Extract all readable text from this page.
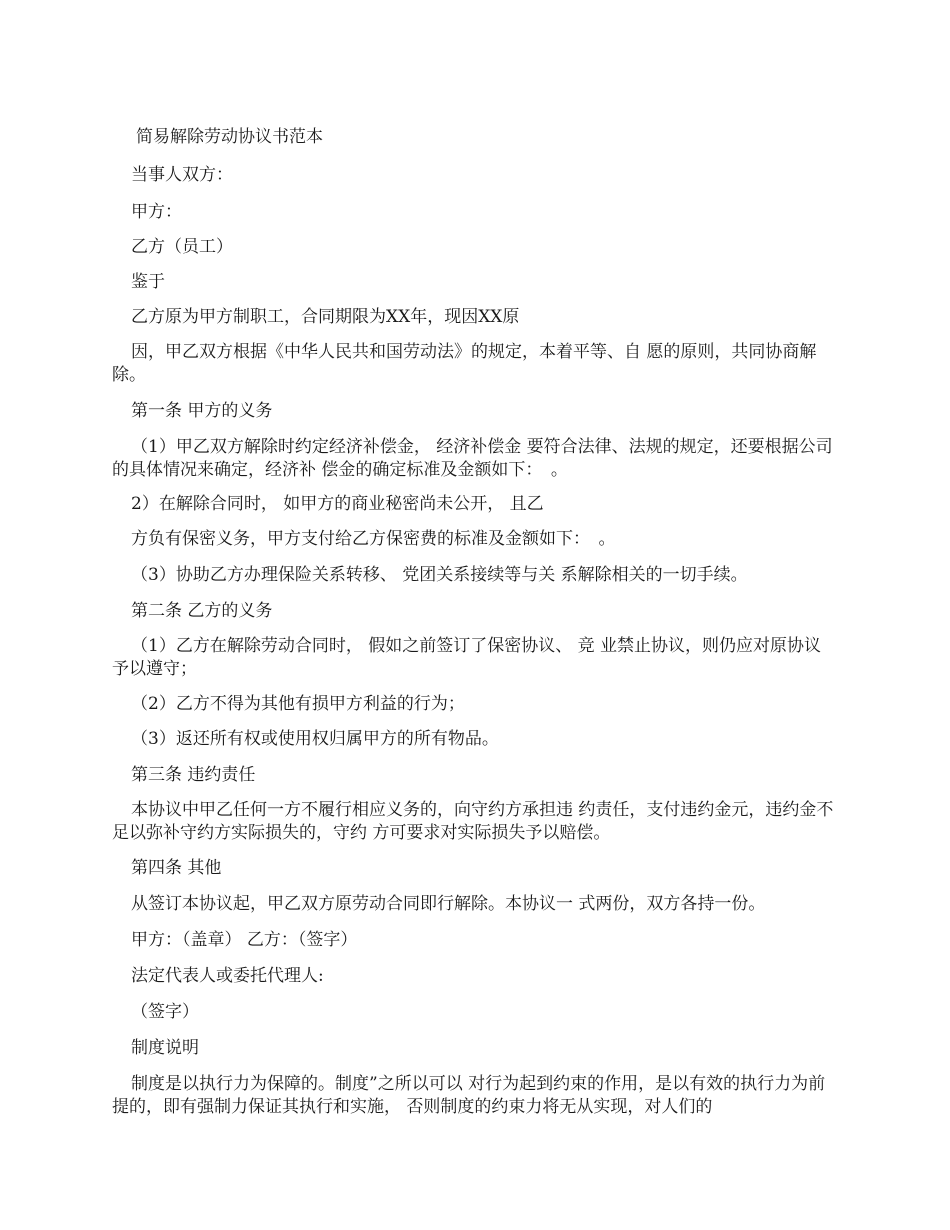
简易解除劳动协议书范本
当事人双方：
甲方：
乙方（员工）
鉴于
乙方原为甲方制职工，合同期限为XX年，现因XX原
因，甲乙双方根据《中华人民共和国劳动法》的规定，本着平等、自 愿的原则，共同协商解除。
第一条 甲方的义务
（1）甲乙双方解除时约定经济补偿金， 经济补偿金 要符合法律、法规的规定，还要根据公司的具体情况来确定，经济补 偿金的确定标准及金额如下：　。
2）在解除合同时， 如甲方的商业秘密尚未公开， 且乙
方负有保密义务，甲方支付给乙方保密费的标准及金额如下：　。
（3）协助乙方办理保险关系转移、 党团关系接续等与关 系解除相关的一切手续。
第二条 乙方的义务
（1）乙方在解除劳动合同时， 假如之前签订了保密协议、 竞 业禁止协议，则仍应对原协议予以遵守；
（2）乙方不得为其他有损甲方利益的行为；
（3）返还所有权或使用权归属甲方的所有物品。
第三条 违约责任
本协议中甲乙任何一方不履行相应义务的，向守约方承担违 约责任，支付违约金元，违约金不足以弥补守约方实际损失的，守约 方可要求对实际损失予以赔偿。
第四条 其他
从签订本协议起，甲乙双方原劳动合同即行解除。本协议一 式两份，双方各持一份。
甲方：（盖章） 乙方：（签字）
法定代表人或委托代理人:
（签字）
制度说明
制度是以执行力为保障的。制度”之所以可以 对行为起到约束的作用，是以有效的执行力为前提的，即有强制力保证其执行和实施， 否则制度的约束力将无从实现，对人们的
